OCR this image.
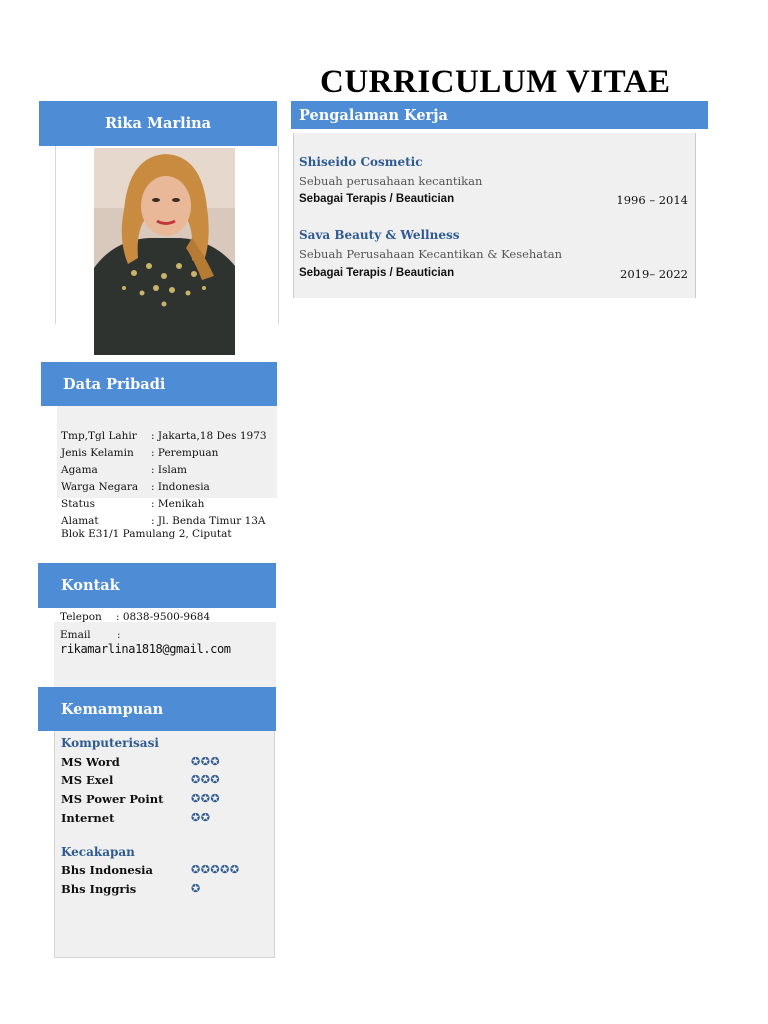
CURRICULUM VITAE
Rika Marlina	Pengalaman Kerja
Shiseido Cosmetic
Sebuah perusahaan kecantikan
Sebagai Terapis / Beautician	1996 – 2014
Sava Beauty & Wellness
Sebuah Perusahaan Kecantikan & Kesehatan
Sebagai Terapis / Beautician	2019– 2022
Data Pribadi
Tmp,Tgl Lahir : Jakarta,18 Des 1973
Jenis Kelamin : Perempuan
Agama	: Islam
Warga Negara : Indonesia
Status	: Menikah
Alamat	: Jl. Benda Timur 13A
Blok E31/1 Pamulang 2, Ciputat
Kontak
Telepon : 0838-9500-9684
Email	:
rikamarlina1818@gmail.com
Kemampuan
Komputerisasi
MS Word	✪✪✪
MS Exel	✪✪✪
MS Power Point	✪✪✪
Internet	✪✪
Kecakapan
Bhs Indonesia	✪✪✪✪✪
Bhs Inggris	✪
